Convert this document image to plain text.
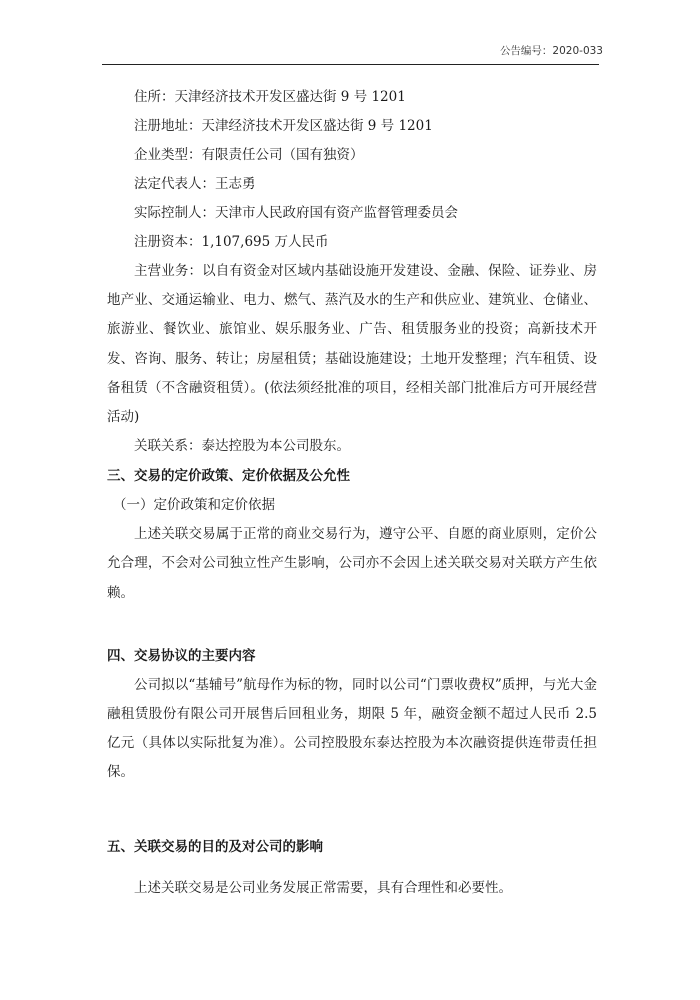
公告编号：2020-033
住所：天津经济技术开发区盛达街 9 号 1201
注册地址：天津经济技术开发区盛达街 9 号 1201
企业类型：有限责任公司（国有独资）
法定代表人：王志勇
实际控制人：天津市人民政府国有资产监督管理委员会
注册资本：1,107,695 万人民币

主营业务：以自有资金对区域内基础设施开发建设、金融、保险、证券业、房地产业、交通运输业、电力、燃气、蒸汽及水的生产和供应业、建筑业、仓储业、旅游业、餐饮业、旅馆业、娱乐服务业、广告、租赁服务业的投资；高新技术开发、咨询、服务、转让；房屋租赁；基础设施建设；土地开发整理；汽车租赁、设备租赁（不含融资租赁）。(依法须经批准的项目，经相关部门批准后方可开展经营活动)

关联关系：泰达控股为本公司股东。
三、交易的定价政策、定价依据及公允性
（一）定价政策和定价依据

上述关联交易属于正常的商业交易行为，遵守公平、自愿的商业原则，定价公允合理，不会对公司独立性产生影响，公司亦不会因上述关联交易对关联方产生依赖。

四、交易协议的主要内容

公司拟以“基辅号”航母作为标的物，同时以公司“门票收费权”质押，与光大金融租赁股份有限公司开展售后回租业务，期限 5 年，融资金额不超过人民币 2.5 亿元（具体以实际批复为准）。公司控股股东泰达控股为本次融资提供连带责任担保。

五、关联交易的目的及对公司的影响

上述关联交易是公司业务发展正常需要，具有合理性和必要性。
